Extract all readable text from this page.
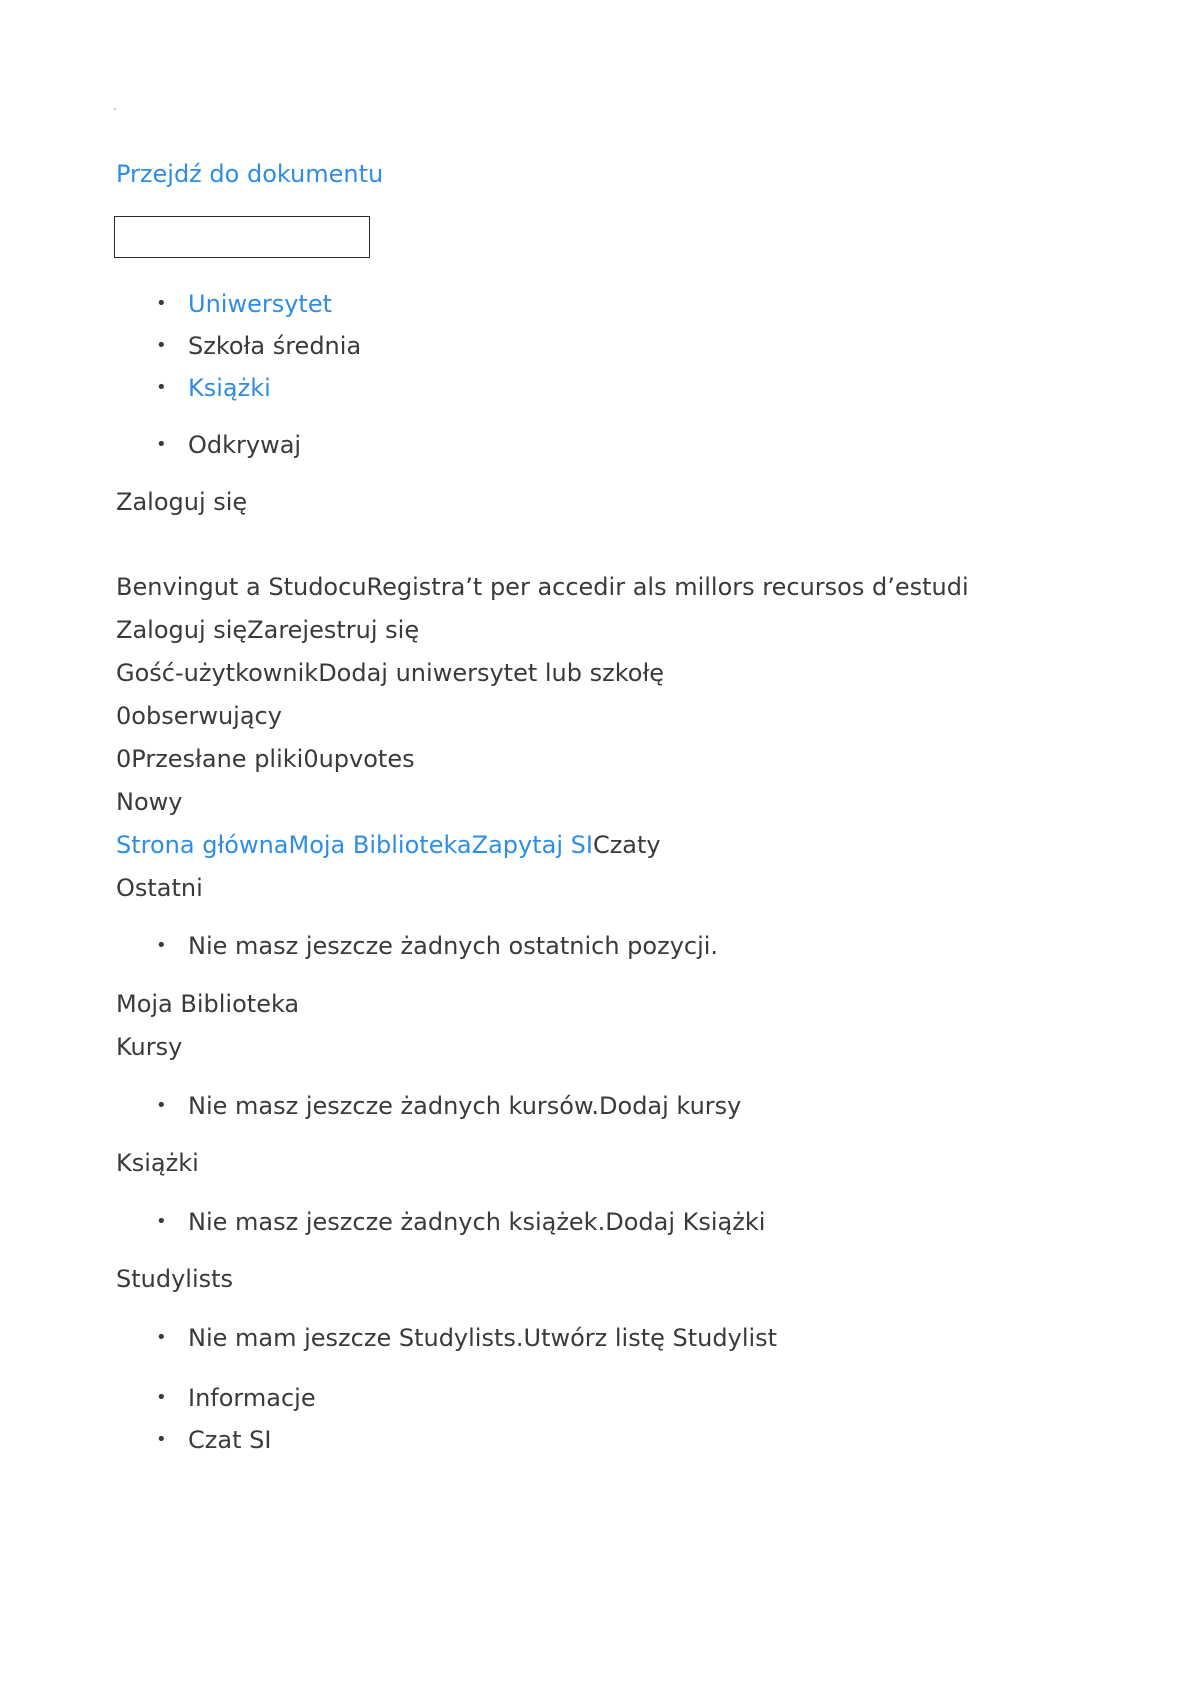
Przejdź do dokumentu
• Uniwersytet
• Szkoła średnia
• Książki
• Odkrywaj
Zaloguj się
Benvingut a StudocuRegistra’t per accedir als millors recursos d’estudi
Zaloguj sięZarejestruj się
Gość-użytkownikDodaj uniwersytet lub szkołę
0obserwujący
0Przesłane pliki0upvotes
Nowy
Strona głównaMoja BibliotekaZapytaj SICzaty
Ostatni
• Nie masz jeszcze żadnych ostatnich pozycji.
Moja Biblioteka
Kursy
• Nie masz jeszcze żadnych kursów.Dodaj kursy
Książki
• Nie masz jeszcze żadnych książek.Dodaj Książki
Studylists
• Nie mam jeszcze Studylists.Utwórz listę Studylist
• Informacje
• Czat SI
